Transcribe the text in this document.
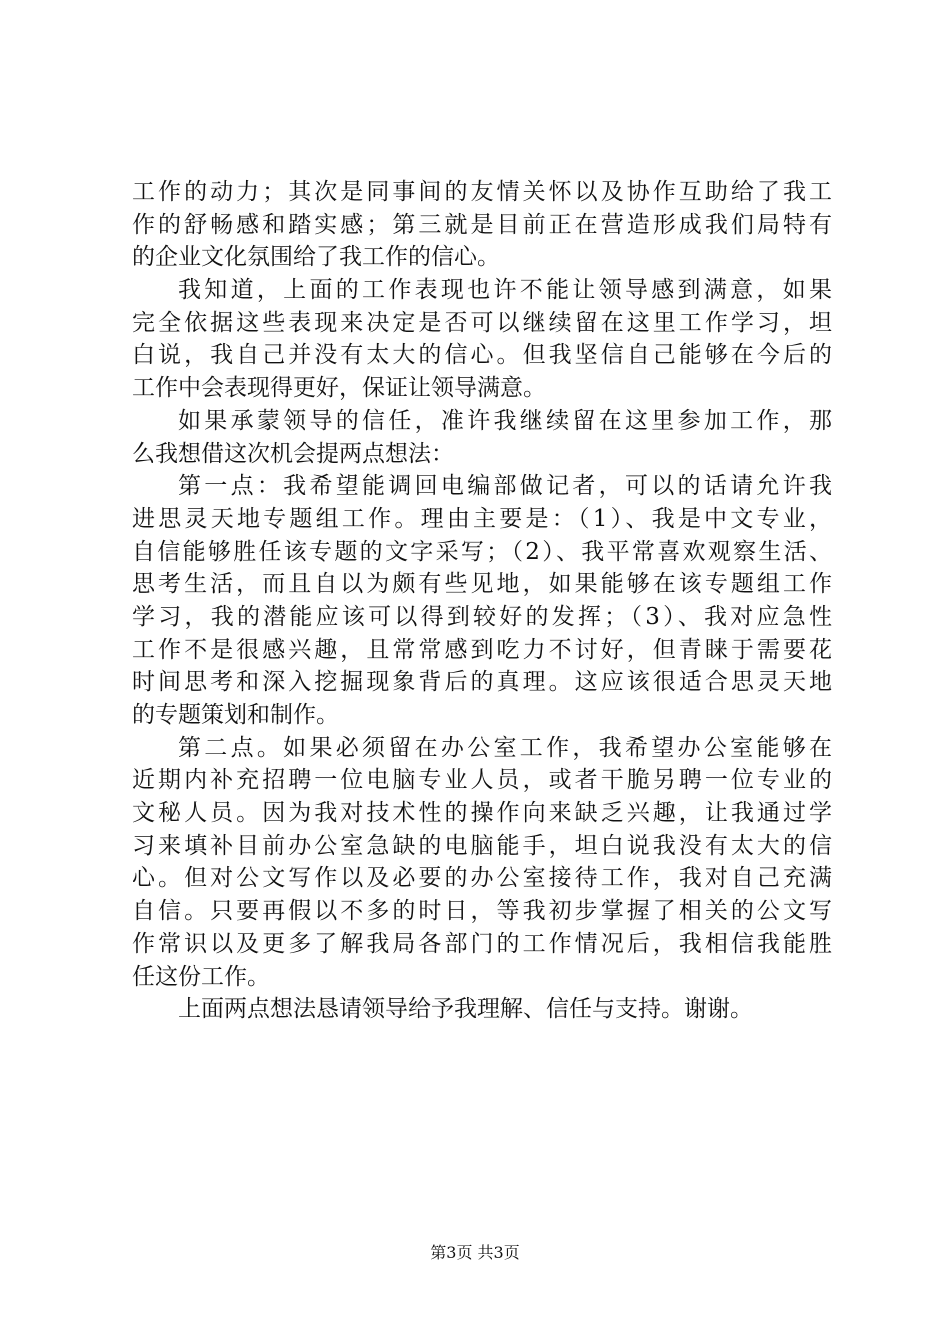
工作的动力；其次是同事间的友情关怀以及协作互助给了我工
作的舒畅感和踏实感；第三就是目前正在营造形成我们局特有
的企业文化氛围给了我工作的信心。
我知道，上面的工作表现也许不能让领导感到满意，如果
完全依据这些表现来决定是否可以继续留在这里工作学习，坦
白说，我自己并没有太大的信心。但我坚信自己能够在今后的
工作中会表现得更好，保证让领导满意。
如果承蒙领导的信任，准许我继续留在这里参加工作，那
么我想借这次机会提两点想法：
第一点：我希望能调回电编部做记者，可以的话请允许我
进思灵天地专题组工作。理由主要是：（1）、我是中文专业，
自信能够胜任该专题的文字采写；（2）、我平常喜欢观察生活、
思考生活，而且自以为颇有些见地，如果能够在该专题组工作
学习，我的潜能应该可以得到较好的发挥；（3）、我对应急性
工作不是很感兴趣，且常常感到吃力不讨好，但青睐于需要花
时间思考和深入挖掘现象背后的真理。这应该很适合思灵天地
的专题策划和制作。
第二点。如果必须留在办公室工作，我希望办公室能够在
近期内补充招聘一位电脑专业人员，或者干脆另聘一位专业的
文秘人员。因为我对技术性的操作向来缺乏兴趣，让我通过学
习来填补目前办公室急缺的电脑能手，坦白说我没有太大的信
心。但对公文写作以及必要的办公室接待工作，我对自己充满
自信。只要再假以不多的时日，等我初步掌握了相关的公文写
作常识以及更多了解我局各部门的工作情况后，我相信我能胜
任这份工作。
上面两点想法恳请领导给予我理解、信任与支持。谢谢。
第3页 共3页
